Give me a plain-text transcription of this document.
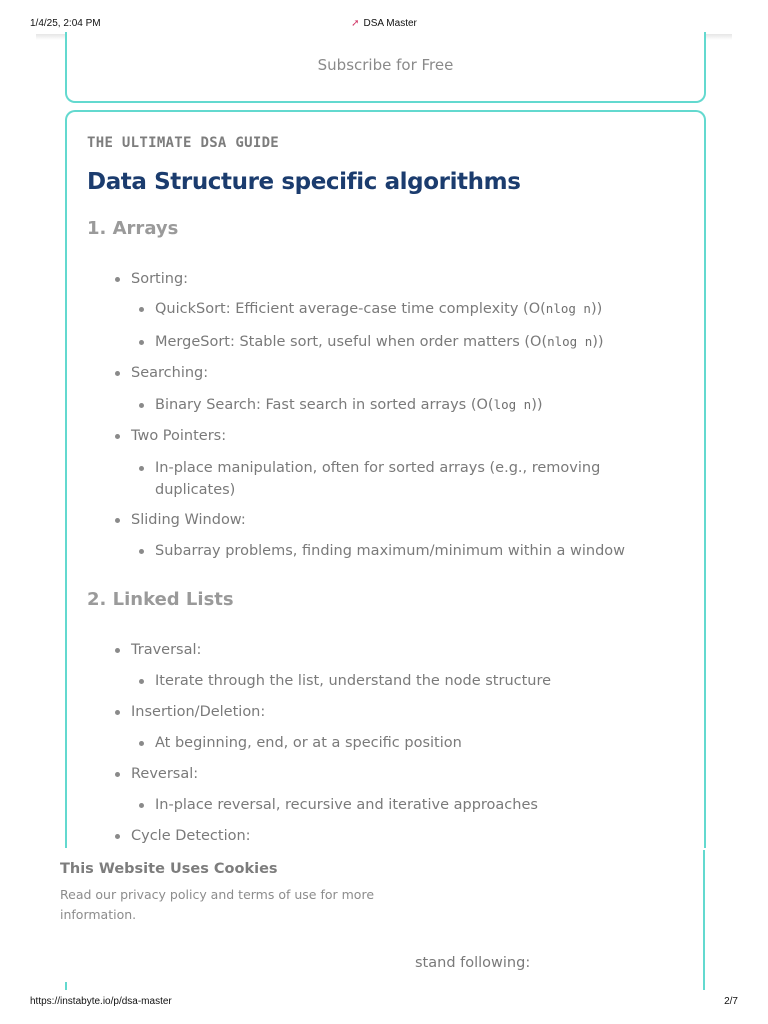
1/4/25, 2:04 PM	➚ DSA Master
Subscribe for Free
THE ULTIMATE DSA GUIDE
Data Structure specific algorithms
1. Arrays
Sorting:
QuickSort: Efficient average-case time complexity (O(nlog n))
MergeSort: Stable sort, useful when order matters (O(nlog n))
Searching:
Binary Search: Fast search in sorted arrays (O(log n))
Two Pointers:
In-place manipulation, often for sorted arrays (e.g., removing duplicates)
Sliding Window:
Subarray problems, finding maximum/minimum within a window
2. Linked Lists
Traversal:
Iterate through the list, understand the node structure
Insertion/Deletion:
At beginning, end, or at a specific position
Reversal:
In-place reversal, recursive and iterative approaches
Cycle Detection:
This Website Uses Cookies
Read our privacy policy and terms of use for more information.
stand following:
https://instabyte.io/p/dsa-master	2/7
